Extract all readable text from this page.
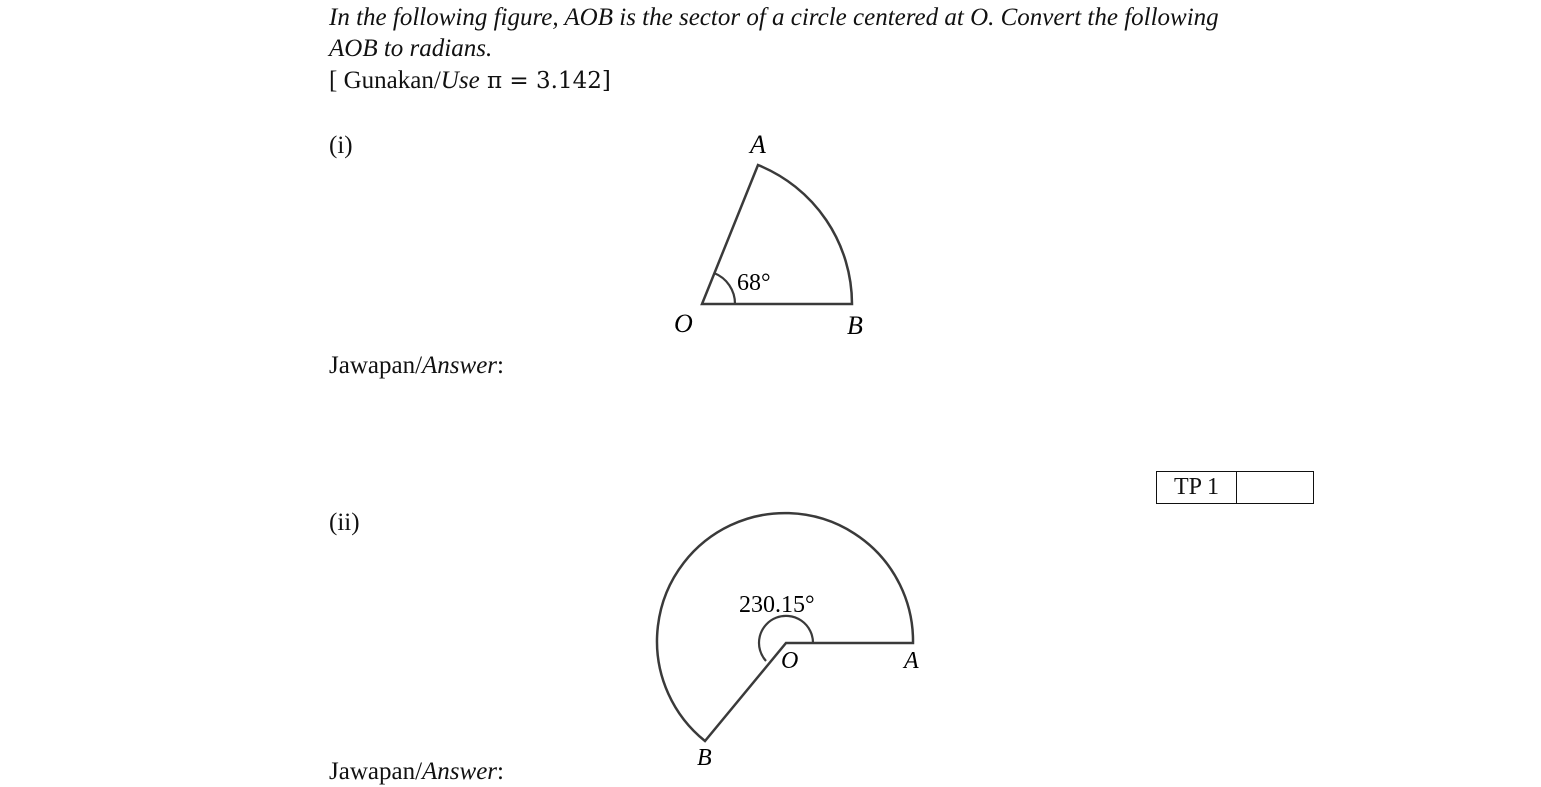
In the following figure, AOB is the sector of a circle centered at O. Convert the following
AOB to radians.
[ Gunakan/Use π = 3.142]
(i)
68°
A
O	B
230.15°
O	A
B
Jawapan/Answer:
TP 1
(ii)
Jawapan/Answer:
